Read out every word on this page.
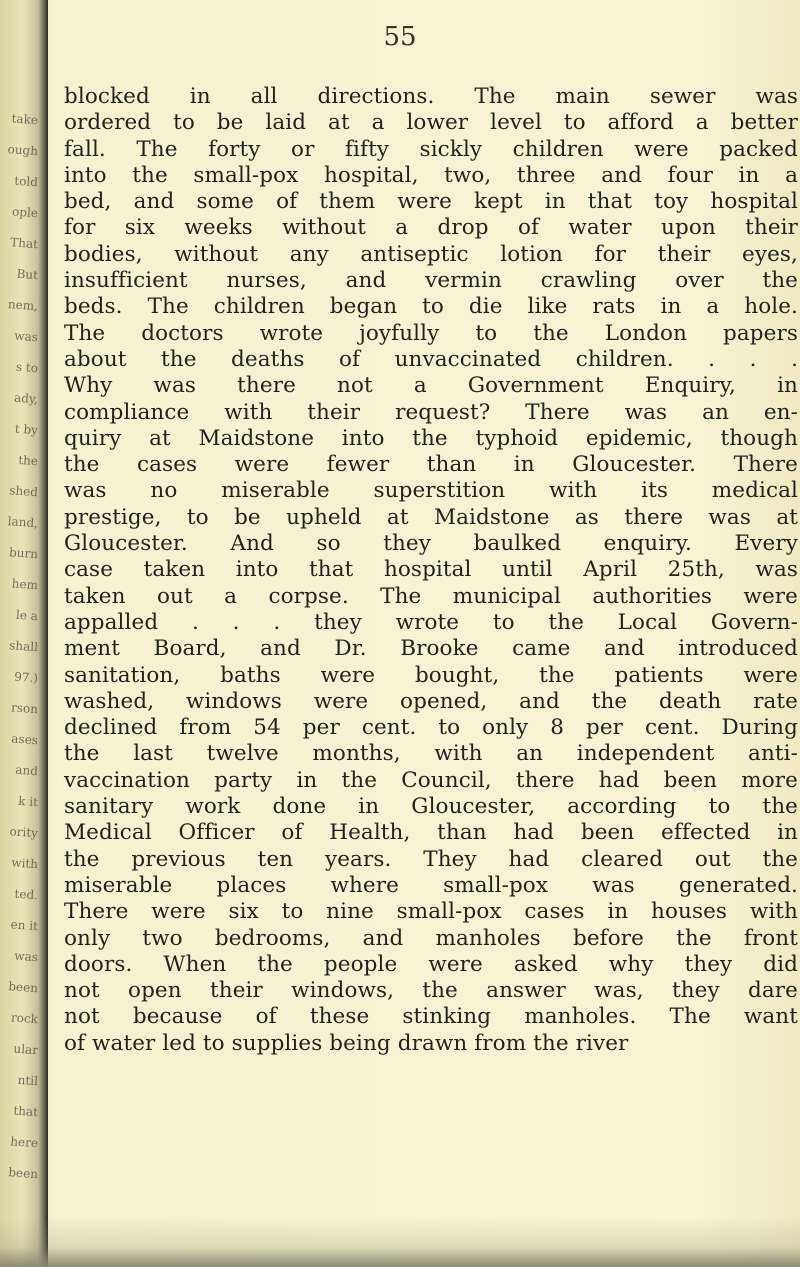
take
ough
told
ople
That
But
nem,
was
s to
ady,
t by
the
shed
land,
burn
hem
le a
shall
97.)
rson
ases
and
k it
ority
with
ted.
en it
was
been
rock
ular
ntil
that
here
been
55
blocked in all directions. The main sewer was
ordered to be laid at a lower level to afford a better
fall. The forty or fifty sickly children were packed
into the small-pox hospital, two, three and four in a
bed, and some of them were kept in that toy hospital
for six weeks without a drop of water upon their
bodies, without any antiseptic lotion for their eyes,
insufficient nurses, and vermin crawling over the
beds. The children began to die like rats in a hole.
The doctors wrote joyfully to the London papers
about the deaths of unvaccinated children. . . .
Why was there not a Government Enquiry, in
compliance with their request? There was an en-
quiry at Maidstone into the typhoid epidemic, though
the cases were fewer than in Gloucester. There
was no miserable superstition with its medical
prestige, to be upheld at Maidstone as there was at
Gloucester. And so they baulked enquiry. Every
case taken into that hospital until April 25th, was
taken out a corpse. The municipal authorities were
appalled . . . they wrote to the Local Govern-
ment Board, and Dr. Brooke came and introduced
sanitation, baths were bought, the patients were
washed, windows were opened, and the death rate
declined from 54 per cent. to only 8 per cent. During
the last twelve months, with an independent anti-
vaccination party in the Council, there had been more
sanitary work done in Gloucester, according to the
Medical Officer of Health, than had been effected in
the previous ten years. They had cleared out the
miserable places where small-pox was generated.
There were six to nine small-pox cases in houses with
only two bedrooms, and manholes before the front
doors. When the people were asked why they did
not open their windows, the answer was, they dare
not because of these stinking manholes. The want
of water led to supplies being drawn from the river
